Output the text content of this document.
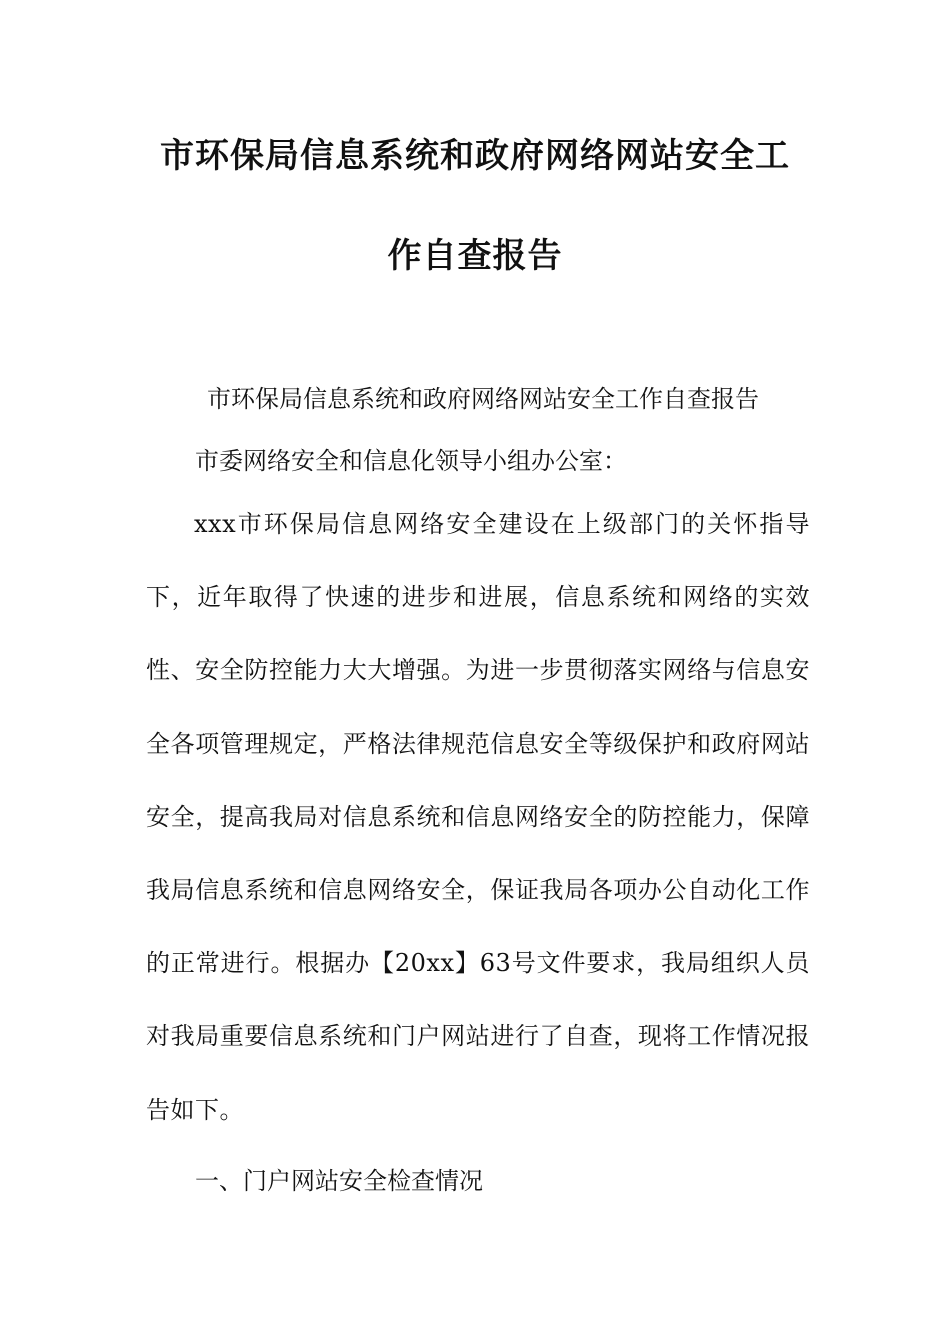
市环保局信息系统和政府网络网站安全工
作自查报告
市环保局信息系统和政府网络网站安全工作自查报告
市委网络安全和信息化领导小组办公室：
xxx市环保局信息网络安全建设在上级部门的关怀指导下，近年取得了快速的进步和进展，信息系统和网络的实效性、安全防控能力大大增强。为进一步贯彻落实网络与信息安全各项管理规定，严格法律规范信息安全等级保护和政府网站安全，提高我局对信息系统和信息网络安全的防控能力，保障我局信息系统和信息网络安全，保证我局各项办公自动化工作的正常进行。根据办【20xx】63号文件要求，我局组织人员对我局重要信息系统和门户网站进行了自查，现将工作情况报告如下。
一、门户网站安全检查情况
